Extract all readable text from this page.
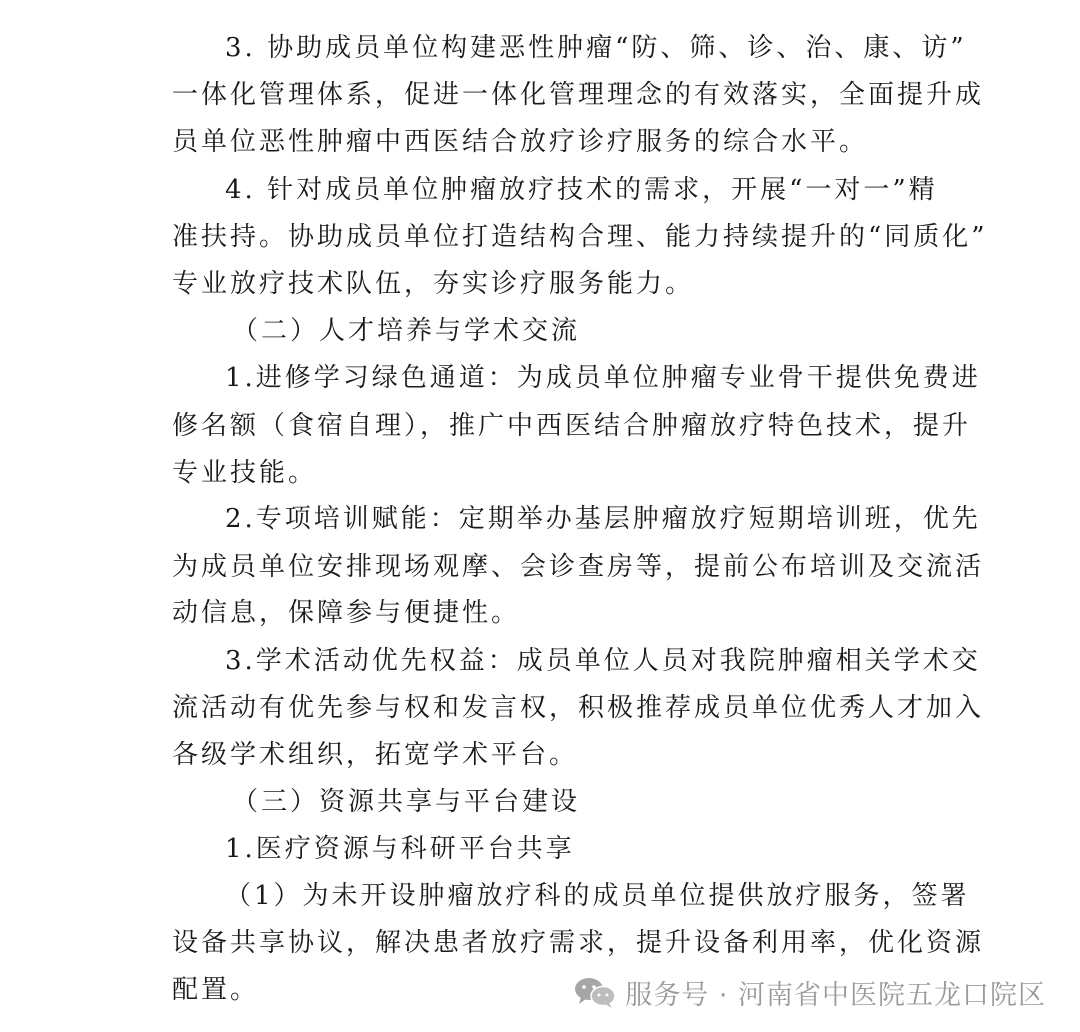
3. 协助成员单位构建恶性肿瘤“防、筛、诊、治、康、访”
一体化管理体系，促进一体化管理理念的有效落实，全面提升成
员单位恶性肿瘤中西医结合放疗诊疗服务的综合水平。
4. 针对成员单位肿瘤放疗技术的需求，开展“一对一”精
准扶持。协助成员单位打造结构合理、能力持续提升的“同质化”
专业放疗技术队伍，夯实诊疗服务能力。
（二）人才培养与学术交流
1.进修学习绿色通道：为成员单位肿瘤专业骨干提供免费进
修名额（食宿自理），推广中西医结合肿瘤放疗特色技术，提升
专业技能。
2.专项培训赋能：定期举办基层肿瘤放疗短期培训班，优先
为成员单位安排现场观摩、会诊查房等，提前公布培训及交流活
动信息，保障参与便捷性。
3.学术活动优先权益：成员单位人员对我院肿瘤相关学术交
流活动有优先参与权和发言权，积极推荐成员单位优秀人才加入
各级学术组织，拓宽学术平台。
（三）资源共享与平台建设
1.医疗资源与科研平台共享
（1）为未开设肿瘤放疗科的成员单位提供放疗服务，签署
设备共享协议，解决患者放疗需求，提升设备利用率，优化资源
配置。	服务号 · 河南省中医院五龙口院区
